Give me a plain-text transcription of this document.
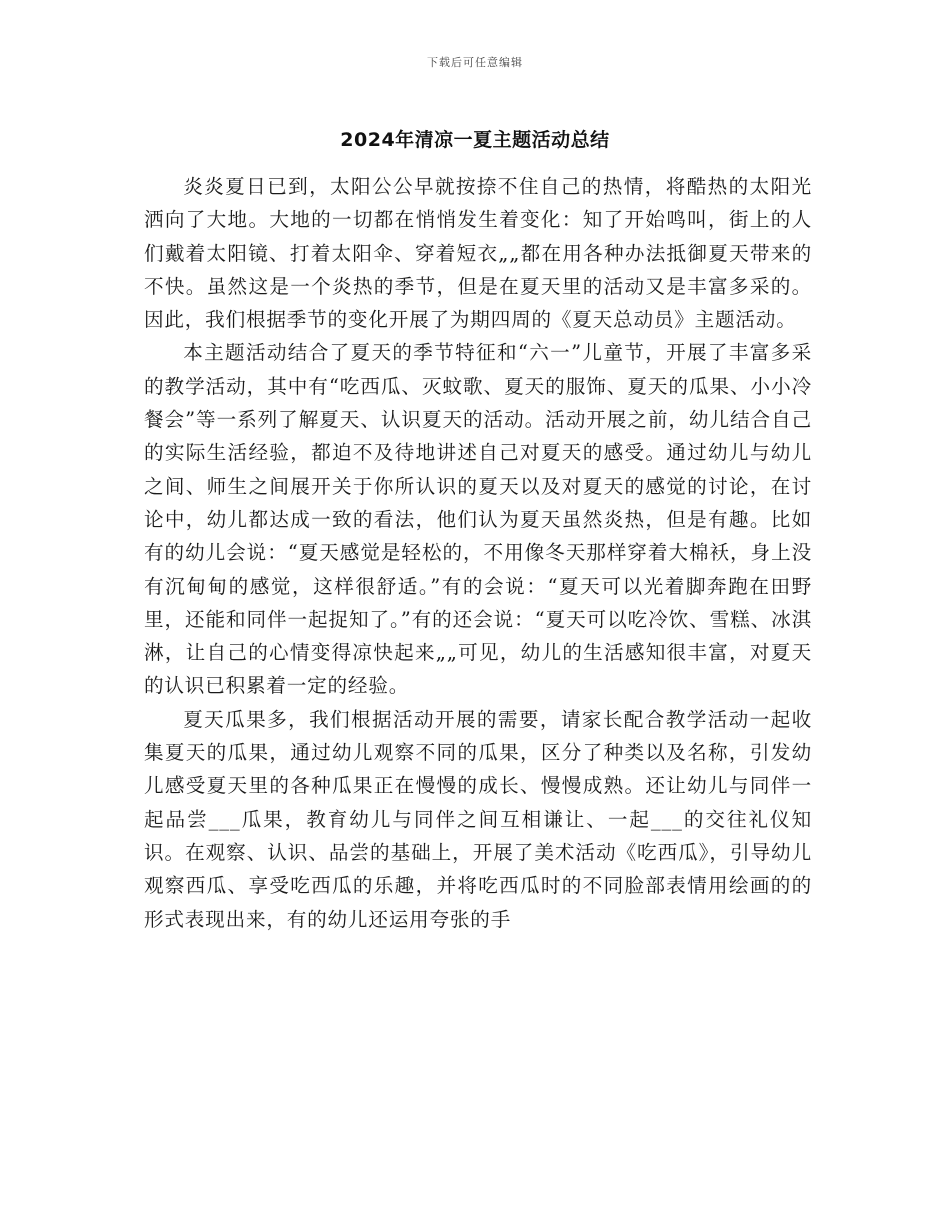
下载后可任意编辑
2024年清凉一夏主题活动总结

炎炎夏日已到，太阳公公早就按捺不住自己的热情，将酷热的太阳光洒向了大地。大地的一切都在悄悄发生着变化：知了开始鸣叫，街上的人们戴着太阳镜、打着太阳伞、穿着短衣„„都在用各种办法抵御夏天带来的不快。虽然这是一个炎热的季节，但是在夏天里的活动又是丰富多采的。因此，我们根据季节的变化开展了为期四周的《夏天总动员》主题活动。

本主题活动结合了夏天的季节特征和“六一”儿童节，开展了丰富多采的教学活动，其中有“吃西瓜、灭蚊歌、夏天的服饰、夏天的瓜果、小小冷餐会”等一系列了解夏天、认识夏天的活动。活动开展之前，幼儿结合自己的实际生活经验，都迫不及待地讲述自己对夏天的感受。通过幼儿与幼儿之间、师生之间展开关于你所认识的夏天以及对夏天的感觉的讨论，在讨论中，幼儿都达成一致的看法，他们认为夏天虽然炎热，但是有趣。比如有的幼儿会说：“夏天感觉是轻松的，不用像冬天那样穿着大棉袄，身上没有沉甸甸的感觉，这样很舒适。”有的会说：“夏天可以光着脚奔跑在田野里，还能和同伴一起捉知了。”有的还会说：“夏天可以吃冷饮、雪糕、冰淇淋，让自己的心情变得凉快起来„„可见，幼儿的生活感知很丰富，对夏天的认识已积累着一定的经验。

夏天瓜果多，我们根据活动开展的需要，请家长配合教学活动一起收集夏天的瓜果，通过幼儿观察不同的瓜果，区分了种类以及名称，引发幼儿感受夏天里的各种瓜果正在慢慢的成长、慢慢成熟。还让幼儿与同伴一起品尝___瓜果，教育幼儿与同伴之间互相谦让、一起___的交往礼仪知识。在观察、认识、品尝的基础上，开展了美术活动《吃西瓜》，引导幼儿观察西瓜、享受吃西瓜的乐趣，并将吃西瓜时的不同脸部表情用绘画的的形式表现出来，有的幼儿还运用夸张的手
